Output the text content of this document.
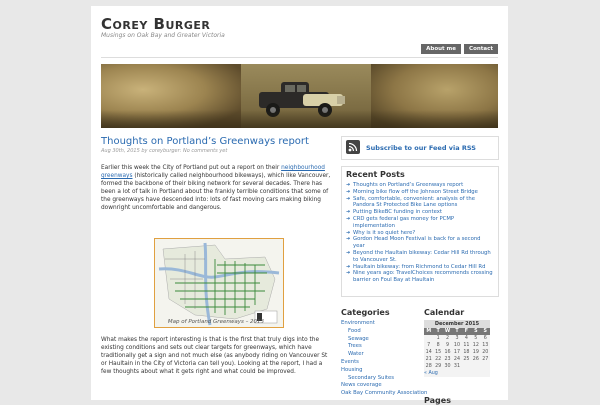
Corey Burger
Musings on Oak Bay and Greater Victoria
About me	Contact
Thoughts on Portland’s Greenways report
Aug 30th, 2015 by coreyburger: No comments yet

Earlier this week the City of Portland put out a report on their neighbourhood greenways (historically called neighbourhood bikeways), which like Vancouver, formed the backbone of their biking network for several decades. There has been a lot of talk in Portland about the frankly terrible conditions that some of the greenways have descended into: lots of fast moving cars making biking downright uncomfortable and dangerous.

Map of Portland Greenways – 2013

What makes the report interesting is that is the first that truly digs into the existing conditions and sets out clear targets for greenways, which have traditionally get a sign and not much else (as anybody riding on Vancouver St or Haultain in the City of Victoria can tell you). Looking at the report, I had a few thoughts about what it gets right and what could be improved.

Subscribe to our Feed via RSS
Recent Posts
➜ Thoughts on Portland’s Greenways report
➜ Morning bike flow off the Johnson Street Bridge
➜ Safe, comfortable, convenient: analysis of the Pandora St Protected Bike Lane options
➜ Putting BikeBC funding in context
➜ CRD gets federal gas money for PCMP implementation
➜ Why is it so quiet here?
➜ Gordon Head Moon Festival is back for a second year
➜ Beyond the Haultain bikeway: Cedar Hill Rd through to Vancouver St.
➜ Haultain bikeway: from Richmond to Cedar Hill Rd
➜ Nine years ago: TravelChoices recommends crossing barrier on Foul Bay at Haultain
Categories
Environment
Food
Sewage
Trees
Water
Events
Housing
Secondary Suites
News coverage
Oak Bay Community Association
Calendar
December 2015
M	T	W	T	F	S	S
	1	2	3	4	5	6
7	8	9	10	11	12	13
14	15	16	17	18	19	20
21	22	23	24	25	26	27
28	29	30	31			
« Aug						
Pages
